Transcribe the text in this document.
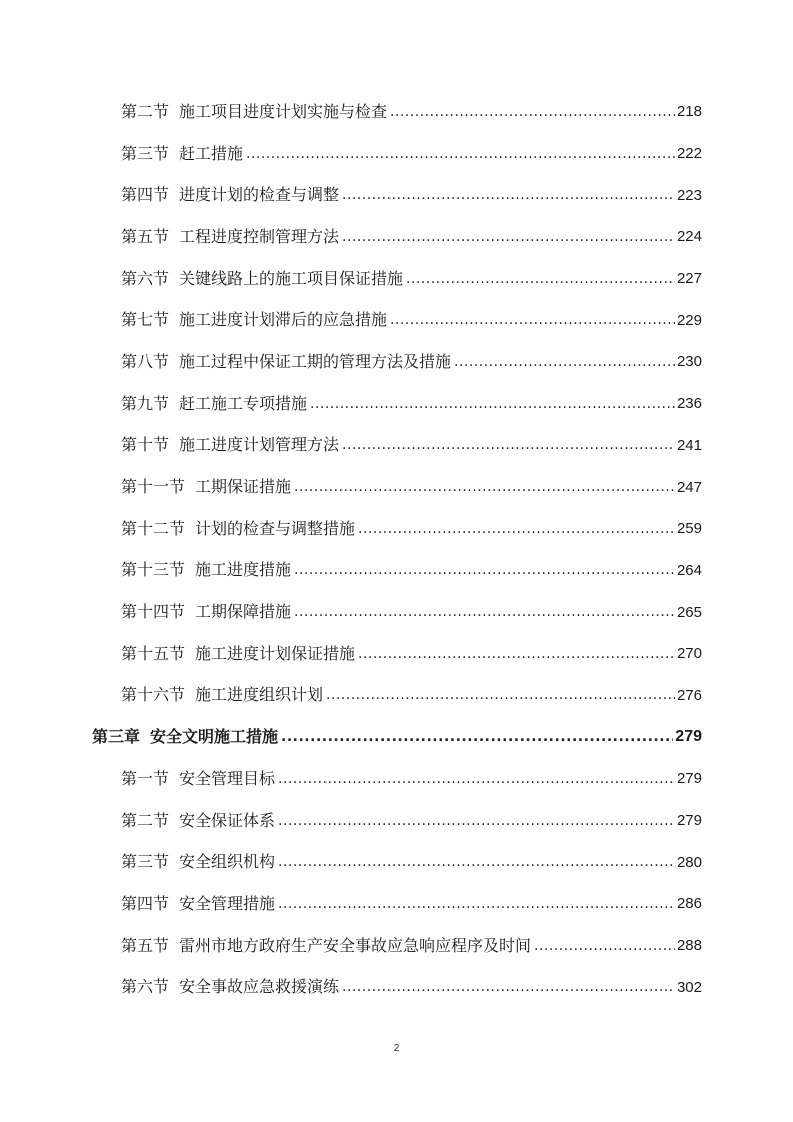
第二节 施工项目进度计划实施与检查 .....	218
第三节 赶工措施 .....	222
第四节 进度计划的检查与调整 .....	223
第五节 工程进度控制管理方法 .....	224
第六节 关键线路上的施工项目保证措施 .....	227
第七节 施工进度计划滞后的应急措施 .....	229
第八节 施工过程中保证工期的管理方法及措施 .....	230
第九节 赶工施工专项措施 .....	236
第十节 施工进度计划管理方法 .....	241
第十一节 工期保证措施 .....	247
第十二节 计划的检查与调整措施 .....	259
第十三节 施工进度措施 .....	264
第十四节 工期保障措施 .....	265
第十五节 施工进度计划保证措施 .....	270
第十六节 施工进度组织计划 .....	276
第三章 安全文明施工措施 .....	279
第一节 安全管理目标 .....	279
第二节 安全保证体系 .....	279
第三节 安全组织机构 .....	280
第四节 安全管理措施 .....	286
第五节 雷州市地方政府生产安全事故应急响应程序及时间 .....	288
第六节 安全事故应急救援演练 .....	302
2
